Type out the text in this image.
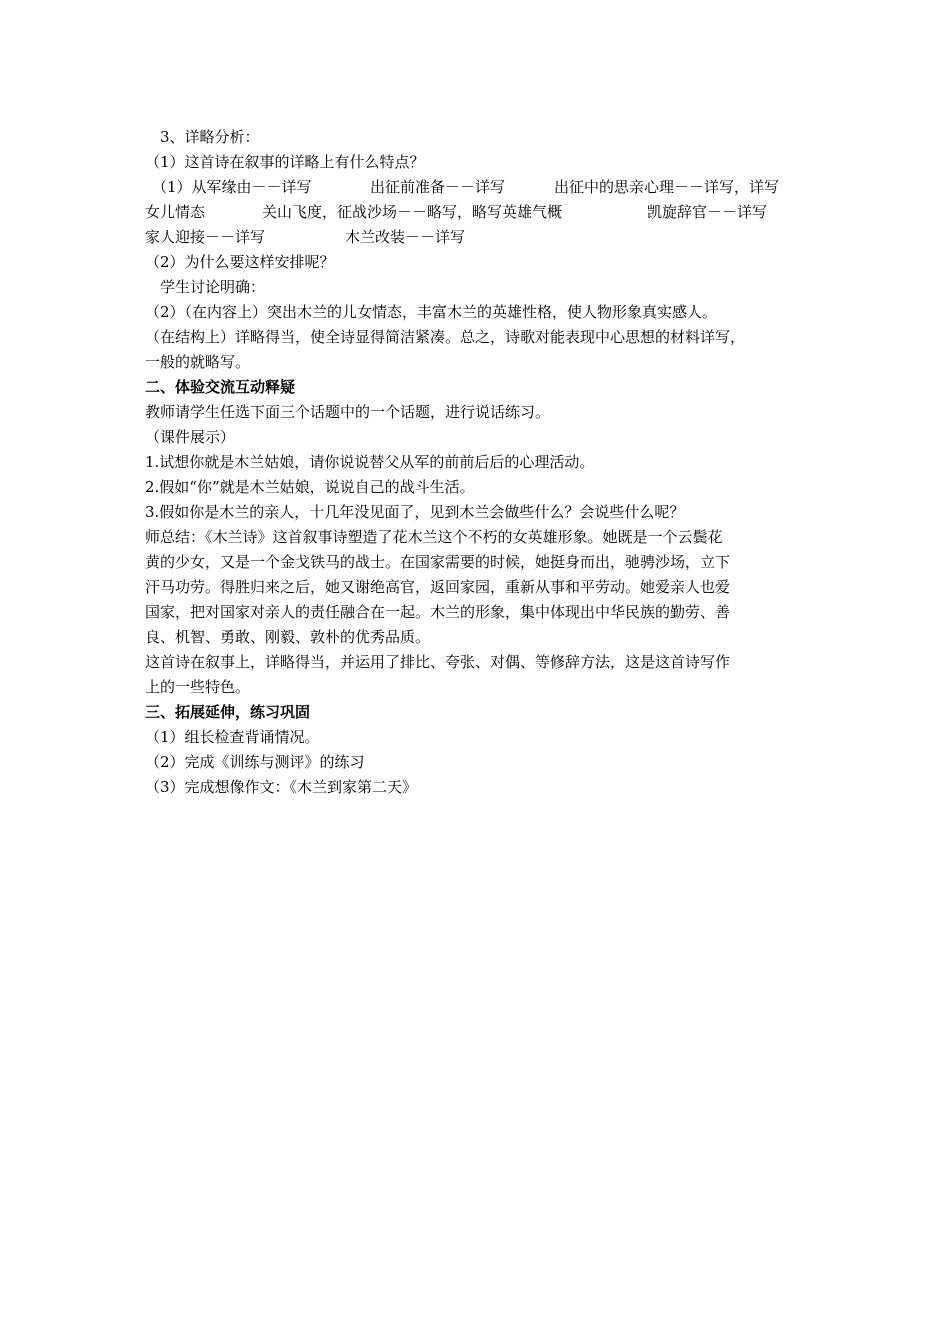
3、详略分析：
（1）这首诗在叙事的详略上有什么特点？
（1）从军缘由－－详写	出征前准备－－详写	出征中的思亲心理－－详写，详写
女儿情态	关山飞度，征战沙场－－略写，略写英雄气概	凯旋辞官－－详写
家人迎接－－详写	木兰改装－－详写
（2）为什么要这样安排呢？
学生讨论明确：
（2）（在内容上）突出木兰的儿女情态，丰富木兰的英雄性格，使人物形象真实感人。
（在结构上）详略得当，使全诗显得简洁紧凑。总之，诗歌对能表现中心思想的材料详写，
一般的就略写。
二、体验交流互动释疑
教师请学生任选下面三个话题中的一个话题，进行说话练习。
（课件展示）
1.试想你就是木兰姑娘，请你说说替父从军的前前后后的心理活动。
2.假如“你”就是木兰姑娘，说说自己的战斗生活。
3.假如你是木兰的亲人，十几年没见面了，见到木兰会做些什么？会说些什么呢？
师总结：《木兰诗》这首叙事诗塑造了花木兰这个不朽的女英雄形象。她既是一个云鬓花
黄的少女，又是一个金戈铁马的战士。在国家需要的时候，她挺身而出，驰骋沙场，立下
汗马功劳。得胜归来之后，她又谢绝高官，返回家园，重新从事和平劳动。她爱亲人也爱
国家，把对国家对亲人的责任融合在一起。木兰的形象，集中体现出中华民族的勤劳、善
良、机智、勇敢、刚毅、敦朴的优秀品质。
这首诗在叙事上，详略得当，并运用了排比、夸张、对偶、等修辞方法，这是这首诗写作
上的一些特色。
三、拓展延伸，练习巩固
（1）组长检查背诵情况。
（2）完成《训练与测评》的练习
（3）完成想像作文：《木兰到家第二天》
